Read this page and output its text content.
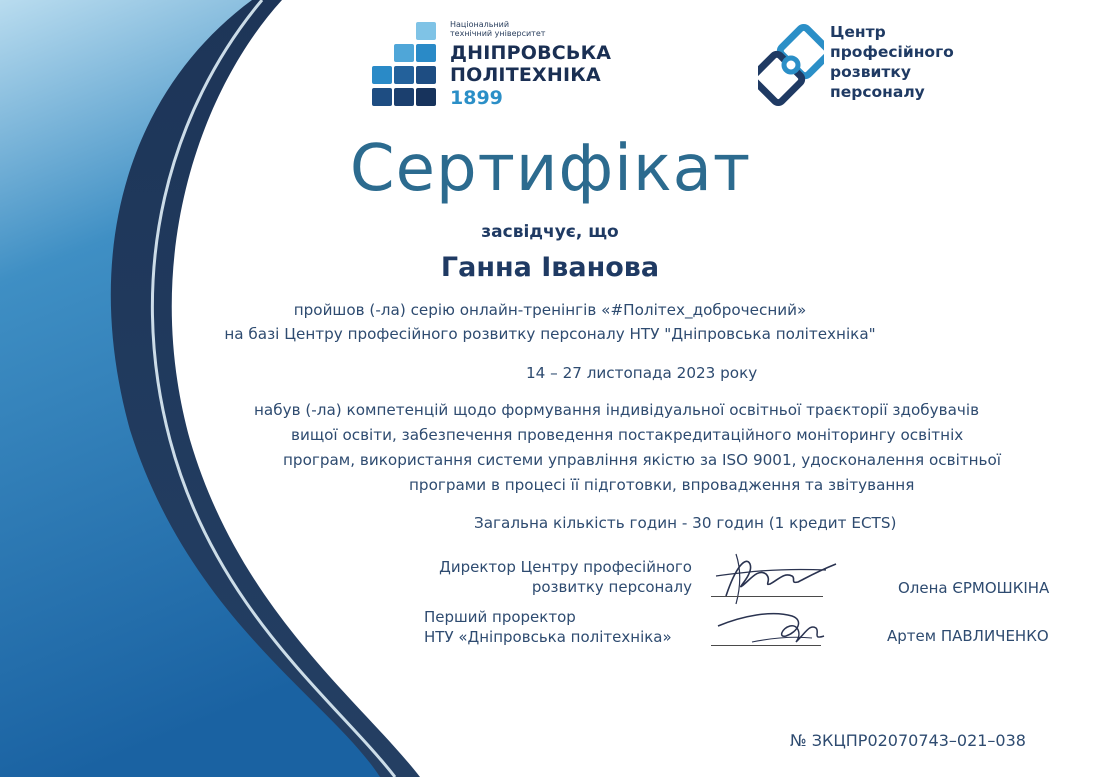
Національний
технічний університет
ДНІПРОВСЬКА
ПОЛІТЕХНІКА
1899
Центр
професійного
розвитку
персоналу
Сертифікат
засвідчує, що
Ганна Іванова
пройшов (-ла) серію онлайн-тренінгів «#Політех_доброчесний»
на базі Центру професійного розвитку персоналу НТУ "Дніпровська політехніка"
14 – 27 листопада 2023 року
набув (-ла) компетенцій щодо формування індивідуальної освітньої траєкторії здобувачів
вищої освіти, забезпечення проведення постакредитаційного моніторингу освітніх
програм, використання системи управління якістю за ISO 9001, удосконалення освітньої
програми в процесі її підготовки, впровадження та звітування
Загальна кількість годин - 30 годин (1 кредит ECTS)
Директор Центру професійного
розвитку персоналу	Олена ЄРМОШКІНА
Перший проректор
НТУ «Дніпровська політехніка»	Артем ПАВЛИЧЕНКО
№ ЗКЦПР02070743–021–038
